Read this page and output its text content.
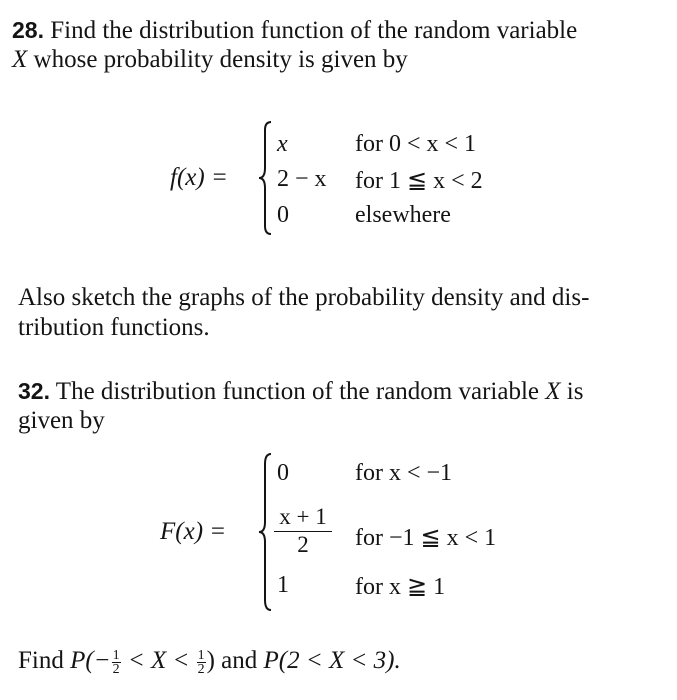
28. Find the distribution function of the random variable
X whose probability density is given by
f(x) =
x	for 0 < x < 1
2 − x for 1 ≦ x < 2
0	elsewhere
Also sketch the graphs of the probability density and dis-
tribution functions.
32. The distribution function of the random variable X is
given by
F(x) =
0	for x < −1
x + 1
2	for −1 ≦ x < 1
1	for x ≧ 1
Find $P(- \frac{1}{2} < X < \frac{1}{2}$ ) and P(2 < X < 3).
